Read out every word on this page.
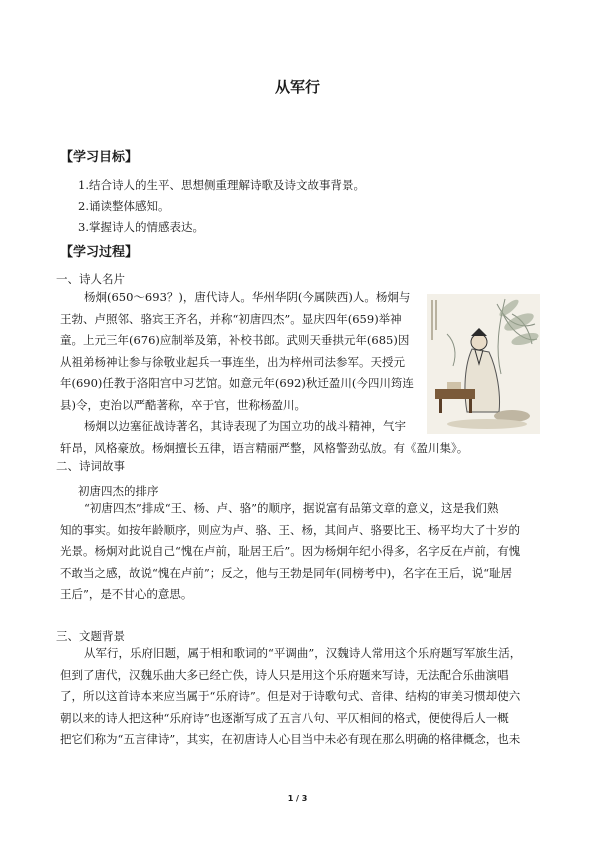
从军行
【学习目标】
1.结合诗人的生平、思想侧重理解诗歌及诗文故事背景。
2.诵读整体感知。
3.掌握诗人的情感表达。
【学习过程】
一、诗人名片
杨炯(650～693？)，唐代诗人。华州华阴(今属陕西)人。杨炯与
王勃、卢照邻、骆宾王齐名，并称“初唐四杰”。显庆四年(659)举神
童。上元三年(676)应制举及第，补校书郎。武则天垂拱元年(685)因
从祖弟杨神让参与徐敬业起兵一事连坐，出为梓州司法参军。天授元
年(690)任教于洛阳宫中习艺馆。如意元年(692)秋迁盈川(今四川筠连
县)令，吏治以严酷著称，卒于官，世称杨盈川。
杨炯以边塞征战诗著名，其诗表现了为国立功的战斗精神，气宇
轩昂，风格豪放。杨炯擅长五律，语言精丽严整，风格警劲弘放。有《盈川集》。
二、诗词故事
初唐四杰的排序
“初唐四杰”排成“王、杨、卢、骆”的顺序，据说富有品第文章的意义，这是我们熟
知的事实。如按年龄顺序，则应为卢、骆、王、杨，其间卢、骆要比王、杨平均大了十岁的
光景。杨炯对此说自己“愧在卢前，耻居王后”。因为杨炯年纪小得多，名字反在卢前，有愧
不敢当之感，故说“愧在卢前”；反之，他与王勃是同年(同榜考中)，名字在王后，说“耻居
王后”，是不甘心的意思。
三、文题背景
从军行，乐府旧题，属于相和歌词的“平调曲”，汉魏诗人常用这个乐府题写军旅生活，
但到了唐代，汉魏乐曲大多已经亡佚，诗人只是用这个乐府题来写诗，无法配合乐曲演唱
了，所以这首诗本来应当属于“乐府诗”。但是对于诗歌句式、音律、结构的审美习惯却使六
朝以来的诗人把这种“乐府诗”也逐渐写成了五言八句、平仄相间的格式，便使得后人一概
把它们称为“五言律诗”，其实，在初唐诗人心目当中未必有现在那么明确的格律概念，也未
1 / 3
